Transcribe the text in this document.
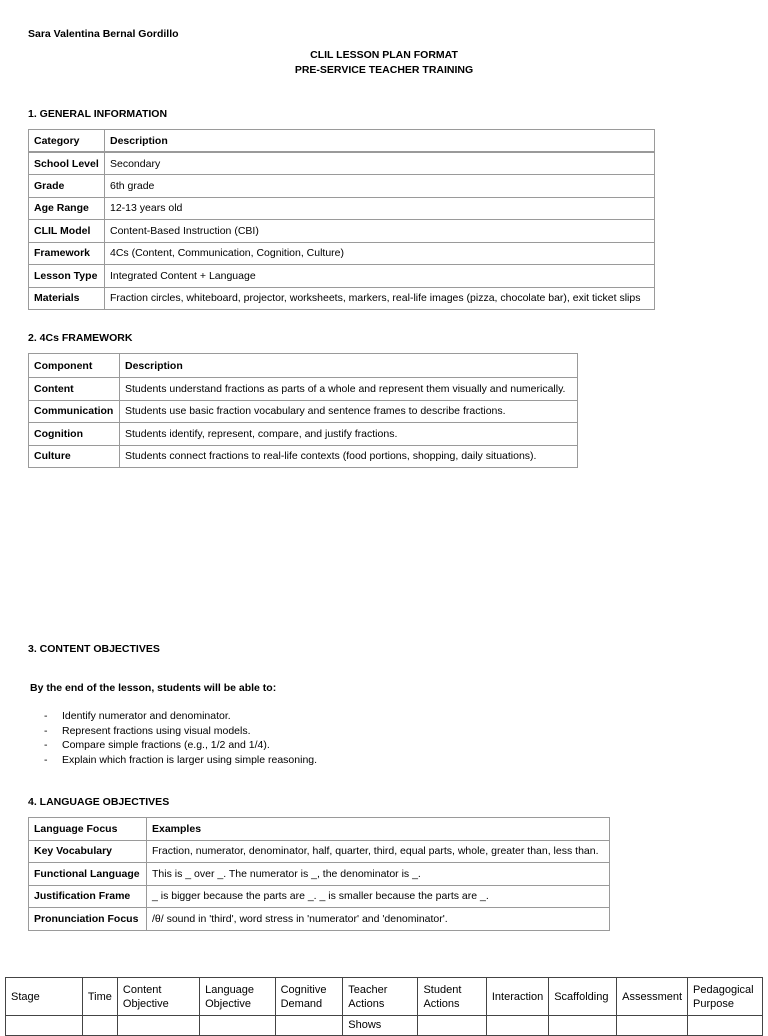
Sara Valentina Bernal Gordillo
CLIL LESSON PLAN FORMAT
PRE-SERVICE TEACHER TRAINING
1. GENERAL INFORMATION
Category	Description
School Level	Secondary
Grade	6th grade
Age Range	12-13 years old
CLIL Model	Content-Based Instruction (CBI)
Framework	4Cs (Content, Communication, Cognition, Culture)
Lesson Type	Integrated Content + Language
Materials	Fraction circles, whiteboard, projector, worksheets, markers, real-life images (pizza, chocolate bar), exit ticket slips
2. 4Cs FRAMEWORK
Component	Description
Content	Students understand fractions as parts of a whole and represent them visually and numerically.
Communication	Students use basic fraction vocabulary and sentence frames to describe fractions.
Cognition	Students identify, represent, compare, and justify fractions.
Culture	Students connect fractions to real-life contexts (food portions, shopping, daily situations).
3. CONTENT OBJECTIVES
By the end of the lesson, students will be able to:
- Identify numerator and denominator.
- Represent fractions using visual models.
- Compare simple fractions (e.g., 1/2 and 1/4).
- Explain which fraction is larger using simple reasoning.
4. LANGUAGE OBJECTIVES
Language Focus	Examples
Key Vocabulary	Fraction, numerator, denominator, half, quarter, third, equal parts, whole, greater than, less than.
Functional Language	This is _ over _. The numerator is _, the denominator is _.
Justification Frame	_ is bigger because the parts are _. _ is smaller because the parts are _.
Pronunciation Focus	/θ/ sound in 'third', word stress in 'numerator' and 'denominator'.
Stage	Time	Content Objective	Language Objective	Cognitive Demand	Teacher Actions	Student Actions	Interaction	Scaffolding	Assessment	Pedagogical Purpose
					Shows					
